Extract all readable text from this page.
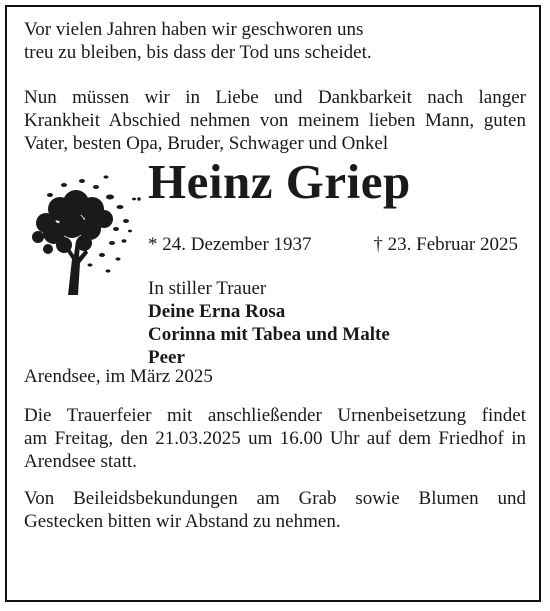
Vor vielen Jahren haben wir geschworen uns

treu zu bleiben, bis dass der Tod uns scheidet.

Nun müssen wir in Liebe und Dankbarkeit nach langer

Krankheit Abschied nehmen von meinem lieben Mann, guten

Vater, besten Opa, Bruder, Schwager und Onkel

Heinz Griep
* 24. Dezember 1937	† 23. Februar 2025
In stiller Trauer
Deine Erna Rosa
Corinna mit Tabea und Malte
Peer

Arendsee, im März 2025

Die Trauerfeier mit anschließender Urnenbeisetzung findet

am Freitag, den 21.03.2025 um 16.00 Uhr auf dem Friedhof in

Arendsee statt.

Von Beileidsbekundungen am Grab sowie Blumen und

Gestecken bitten wir Abstand zu nehmen.
